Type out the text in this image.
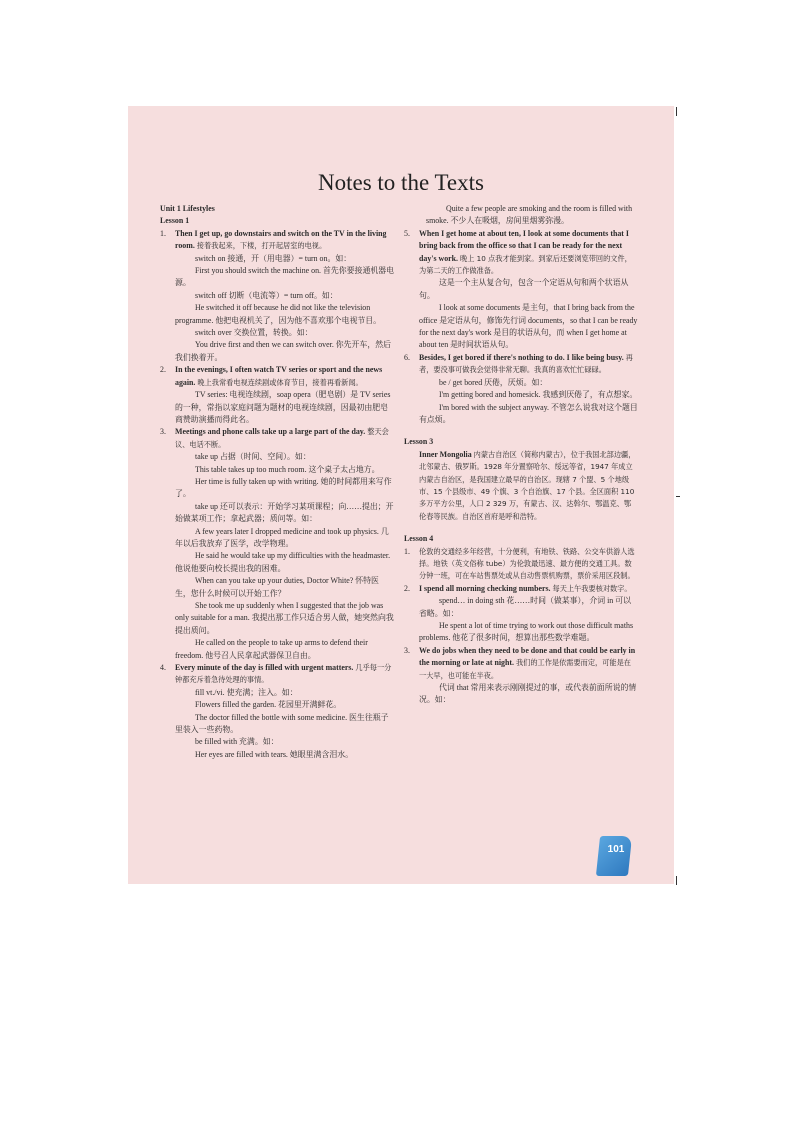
Notes to the Texts

Unit 1 Lifestyles

Lesson 1

1. Then I get up, go downstairs and switch on the TV in the living room. 接着我起来，下楼，打开起居室的电视。

switch on 接通，开（用电器）= turn on。如：

First you should switch the machine on. 首先你要接通机器电源。

switch off 切断（电流等）= turn off。如：

He switched it off because he did not like the television programme. 他把电视机关了，因为他不喜欢那个电视节目。

switch over 交换位置，转换。如：

You drive first and then we can switch over. 你先开车，然后我们换着开。

2. In the evenings, I often watch TV series or sport and the news again. 晚上我常看电视连续剧或体育节目，接着再看新闻。

TV series: 电视连续剧，soap opera（肥皂剧）是 TV series 的一种，常指以家庭问题为题材的电视连续剧，因最初由肥皂商赞助演播而得此名。

3. Meetings and phone calls take up a large part of the day. 整天会议、电话不断。

take up 占据（时间、空间）。如：

This table takes up too much room. 这个桌子太占地方。

Her time is fully taken up with writing. 她的时间都用来写作了。

take up 还可以表示：开始学习某项课程；向……提出；开始做某项工作；拿起武器；质问等。如：

A few years later I dropped medicine and took up physics. 几年以后我放弃了医学，改学物理。

He said he would take up my difficulties with the headmaster. 他说他要向校长提出我的困难。

When can you take up your duties, Doctor White? 怀特医生，您什么时候可以开始工作？

She took me up suddenly when I suggested that the job was only suitable for a man. 我提出那工作只适合男人做，她突然向我提出质问。

He called on the people to take up arms to defend their freedom. 他号召人民拿起武器保卫自由。

4. Every minute of the day is filled with urgent matters. 几乎每一分钟都充斥着急待处理的事情。

fill vt./vi. 使充满；注入。如：

Flowers filled the garden. 花园里开满鲜花。

The doctor filled the bottle with some medicine. 医生往瓶子里装入一些药物。

be filled with 充满。如：

Her eyes are filled with tears. 她眼里满含泪水。

Quite a few people are smoking and the room is filled with smoke. 不少人在吸烟，房间里烟雾弥漫。

5. When I get home at about ten, I look at some documents that I bring back from the office so that I can be ready for the next day's work. 晚上 10 点我才能到家。到家后还要浏览带回的文件，为第二天的工作做准备。

这是一个主从复合句，包含一个定语从句和两个状语从句。

I look at some documents 是主句，that I bring back from the office 是定语从句，修饰先行词 documents，so that I can be ready for the next day's work 是目的状语从句，而 when I get home at about ten 是时间状语从句。

6. Besides, I get bored if there's nothing to do. I like being busy. 再者，要没事可做我会觉得非常无聊。我真的喜欢忙忙碌碌。

be / get bored 厌倦，厌烦。如：

I'm getting bored and homesick. 我感到厌倦了，有点想家。

I'm bored with the subject anyway. 不管怎么说我对这个题目有点烦。

Lesson 3

Inner Mongolia 内蒙古自治区（简称内蒙古），位于我国北部边疆，北邻蒙古、俄罗斯。1928 年分置察哈尔、绥远等省，1947 年成立内蒙古自治区，是我国建立最早的自治区。现辖 7 个盟、5 个地级市、15 个县级市、49 个旗、3 个自治旗、17 个县。全区面积 110 多万平方公里，人口 2 329 万，有蒙古、汉、达斡尔、鄂温克、鄂伦春等民族。自治区首府是呼和浩特。

Lesson 4

1. 伦敦的交通经多年经营，十分便利，有地铁、铁路、公交车供游人选择。地铁（英文俗称 tube）为伦敦最迅速、最方便的交通工具。数分钟一班，可在车站售票处或从自动售票机购票，票价采用区段制。
2. I spend all morning checking numbers. 每天上午我要核对数字。

spend… in doing sth 花……时间（做某事），介词 in 可以省略。如：

He spent a lot of time trying to work out those difficult maths problems. 他花了很多时间，想算出那些数学难题。

3. We do jobs when they need to be done and that could be early in the morning or late at night. 我们的工作是依需要而定，可能是在一大早，也可能在半夜。

代词 that 常用来表示刚刚提过的事，或代表前面所说的情况。如：

101
